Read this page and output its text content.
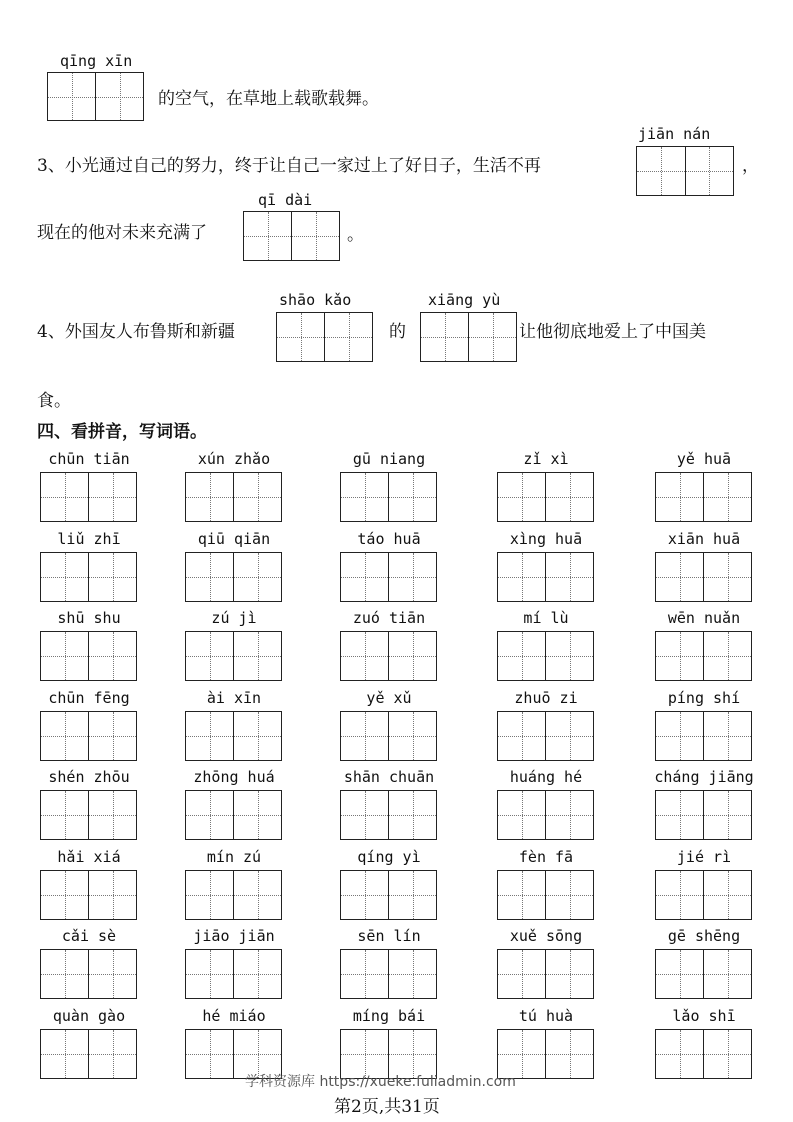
qīng xīn
的空气，在草地上载歌载舞。
3、小光通过自己的努力，终于让自己一家过上了好日子，生活不再
jiān nán
，
现在的他对未来充满了
qī dài
。
4、外国友人布鲁斯和新疆
shāo kǎo
的
xiāng yù
让他彻底地爱上了中国美
食。
四、看拼音，写词语。
chūn tiān	xún zhǎo	gū niang	zǐ xì	yě huā
liǔ zhī	qiū qiān	táo huā	xìng huā	xiān huā
shū shu	zú jì	zuó tiān	mí lù	wēn nuǎn
chūn fēng	ài xīn	yě xǔ	zhuō zi	píng shí
shén zhōu	zhōng huá	shān chuān	huáng hé	cháng jiāng
hǎi xiá	mín zú	qíng yì	fèn fā	jié rì
cǎi sè	jiāo jiān	sēn lín	xuě sōng	gē shēng
quàn gào	hé miáo	míng bái	tú huà	lǎo shī
学科资源库 https://xueke.fuliadmin.com
第2页,共31页
